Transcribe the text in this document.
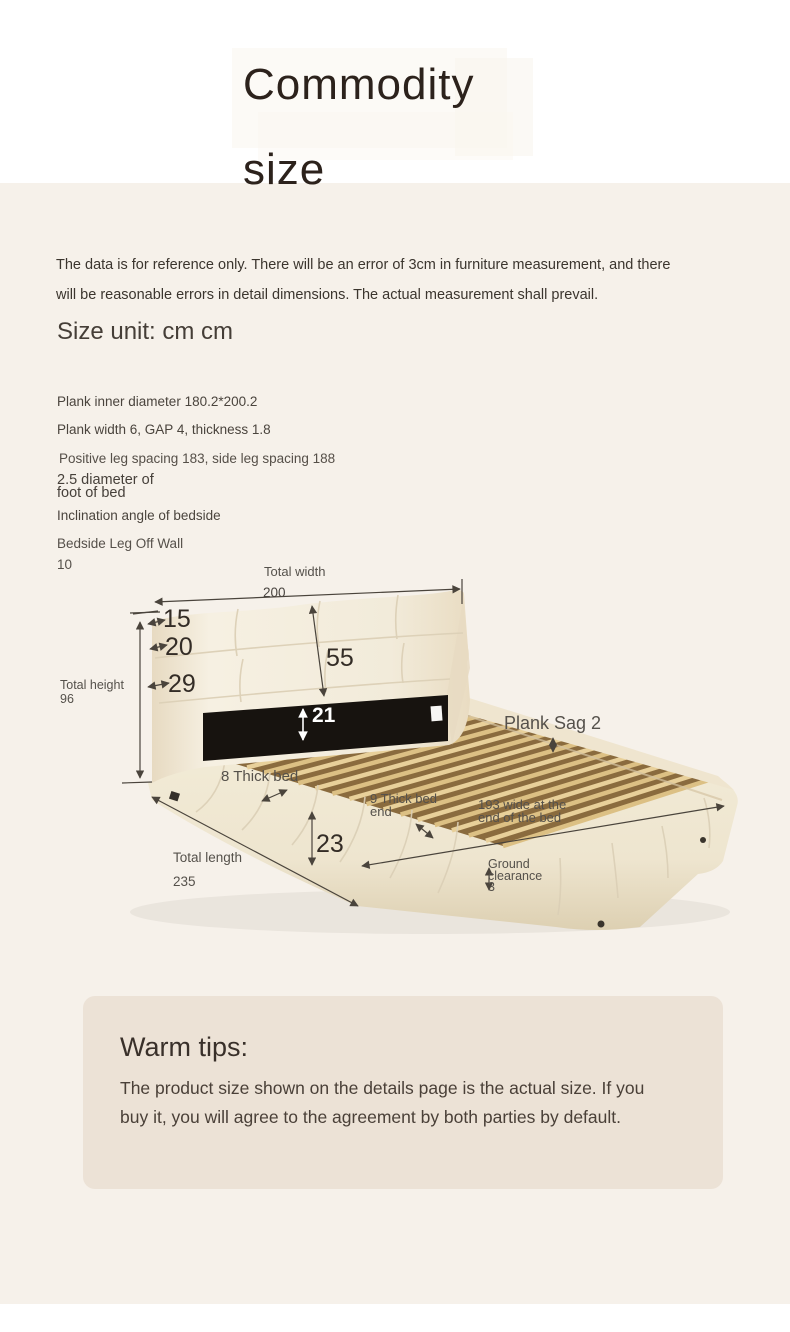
Commodity
size
The data is for reference only. There will be an error of 3cm in furniture measurement, and there
will be reasonable errors in detail dimensions. The actual measurement shall prevail.
Size unit: cm cm
Plank inner diameter 180.2*200.2
Plank width 6, GAP 4, thickness 1.8
Positive leg spacing 183, side leg spacing 188
2.5 diameter of
foot of bed
Inclination angle of bedside
Bedside Leg Off Wall
10	Total width
200
15
20
29
Total height
96
55
21	Plank Sag 2
8 Thick bed
9 Thick bed
end	193 wide at the
end of the bed
23
Total length
235
Ground
clearance
3
Warm tips:
The product size shown on the details page is the actual size. If you
buy it, you will agree to the agreement by both parties by default.
